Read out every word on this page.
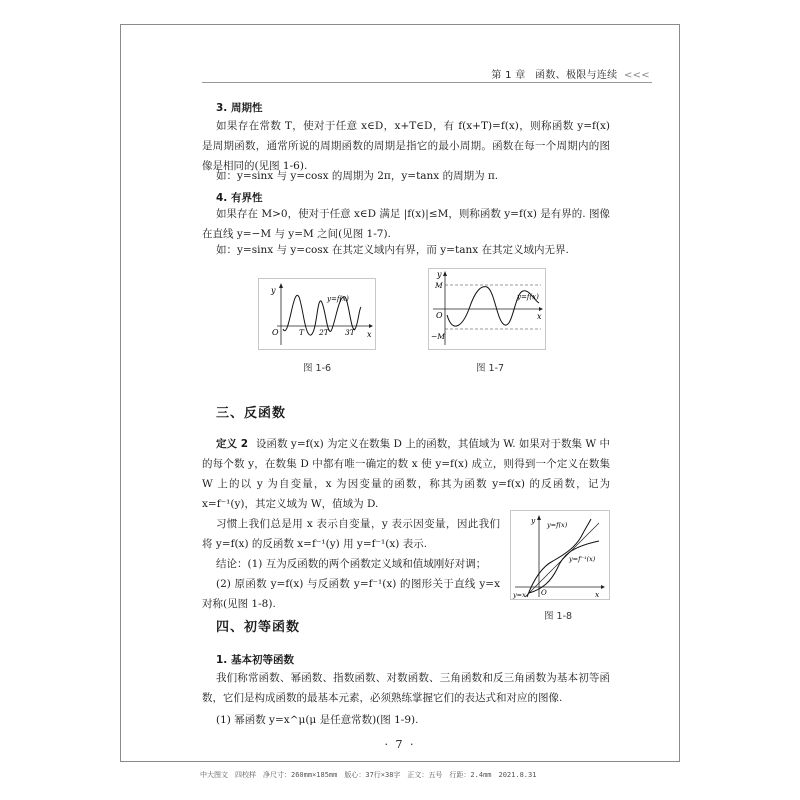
第 1 章 函数、极限与连续 <<<
3. 周期性

如果存在常数 T，使对于任意 x∈D，x+T∈D，有 f(x+T)=f(x)，则称函数 y=f(x) 是周期函数，通常所说的周期函数的周期是指它的最小周期。函数在每一个周期内的图像是相同的(见图 1-6).

如：y=sinx 与 y=cosx 的周期为 2π，y=tanx 的周期为 π.

4. 有界性

如果存在 M>0，使对于任意 x∈D 满足 |f(x)|≤M，则称函数 y=f(x) 是有界的. 图像在直线 y=−M 与 y=M 之间(见图 1-7).

如：y=sinx 与 y=cosx 在其定义域内有界，而 y=tanx 在其定义域内无界.

y
x
O
y=f(x)
T 2T 3T
图 1-6
y
x
O
M
−M
y=f(x)
图 1-7
三、反函数

定义 2 设函数 y=f(x) 为定义在数集 D 上的函数，其值域为 W. 如果对于数集 W 中的每个数 y，在数集 D 中都有唯一确定的数 x 使 y=f(x) 成立，则得到一个定义在数集 W 上的以 y 为自变量，x 为因变量的函数，称其为函数 y=f(x) 的反函数，记为 x=f⁻¹(y)，其定义域为 W，值域为 D.

习惯上我们总是用 x 表示自变量，y 表示因变量，因此我们将 y=f(x) 的反函数 x=f⁻¹(y) 用 y=f⁻¹(x) 表示.

结论：(1) 互为反函数的两个函数定义域和值域刚好对调；

(2) 原函数 y=f(x) 与反函数 y=f⁻¹(x) 的图形关于直线 y=x 对称(见图 1-8).

y
x
O
y=f(x)
y=f⁻¹(x)
y=x
图 1-8
四、初等函数
1. 基本初等函数

我们称常函数、幂函数、指数函数、对数函数、三角函数和反三角函数为基本初等函数，它们是构成函数的最基本元素，必须熟练掌握它们的表达式和对应的图像.

(1) 幂函数 y=x^μ(μ 是任意常数)(图 1-9).

· 7 ·
中大图文　四校样　净尺寸：260mm×185mm　版心：37行×38字　正文：五号　行距：2.4mm　2021.8.31
